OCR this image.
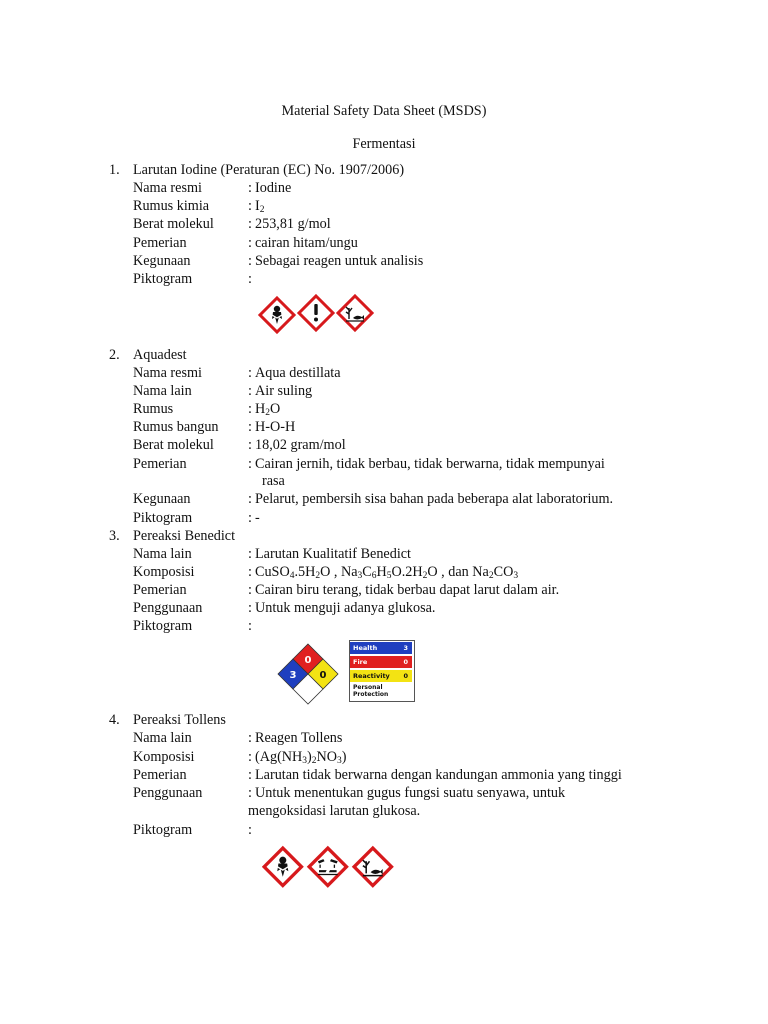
Material Safety Data Sheet (MSDS)
Fermentasi
1. Larutan Iodine (Peraturan (EC) No. 1907/2006)
Nama resmi	: Iodine
Rumus kimia	: $I_2$
Berat molekul : 253,81 g/mol
Pemerian	: cairan hitam/ungu
Kegunaan	: Sebagai reagen untuk analisis
Piktogram	:
2. Aquadest
Nama resmi	: Aqua destillata
Nama lain	: Air suling
Rumus	: $H_2O$
Rumus bangun : H-O-H
Berat molekul : 18,02 gram/mol
Pemerian	: Cairan jernih, tidak berbau, tidak berwarna, tidak mempunyai
rasa
Kegunaan	: Pelarut, pembersih sisa bahan pada beberapa alat laboratorium.
Piktogram	: -
3. Pereaksi Benedict
Nama lain	: Larutan Kualitatif Benedict
Komposisi	: $CuSO_4.5H_2O$ , $Na_3C_6H_5O.2H_2O$ , dan $Na_2CO_3$
Pemerian	: Cairan biru terang, tidak berbau dapat larut dalam air.
Penggunaan	: Untuk menguji adanya glukosa.
Piktogram	:
0
3 0
Health	3
Fire	0
Reactivity 0
Personal
Protection
4. Pereaksi Tollens
Nama lain	: Reagen Tollens
Komposisi	: $(Ag(NH_3)_2NO_3)$
Pemerian	: Larutan tidak berwarna dengan kandungan ammonia yang tinggi
Penggunaan	: Untuk menentukan gugus fungsi suatu senyawa, untuk
mengoksidasi larutan glukosa.
Piktogram	:
